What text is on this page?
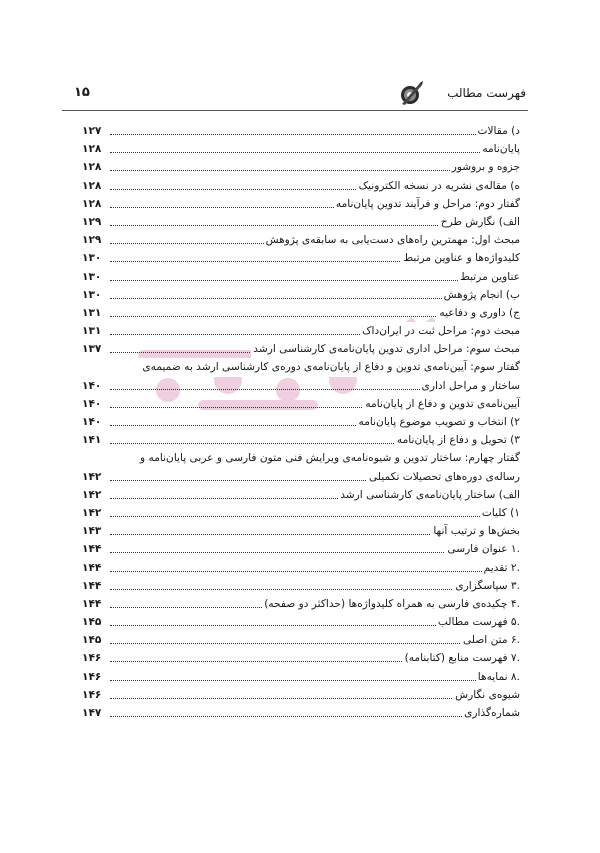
فهرست مطالب
۱۵
۱۲۷	د) مقالات
۱۲۸	پایان‌نامه
۱۲۸	جزوه و بروشور
۱۲۸	ه) مقاله‌ی نشریه در نسخه الکترونیک
۱۲۸	گفتار دوم: مراحل و فرآیند تدوین پایان‌نامه
۱۲۹	الف) نگارش طرح
۱۲۹	مبحث اول: مهمترین راه‌های دست‌یابی به سابقه‌ی پژوهش
۱۳۰	کلیدواژه‌ها و عناوین مرتبط
۱۳۰	عناوین مرتبط
۱۳۰	ب) انجام پژوهش
۱۳۱	ج) داوری و دفاعیه
۱۳۱	مبحث دوم: مراحل ثبت در ایران‌داک
۱۳۷	مبحث سوم: مراحل اداری تدوین پایان‌نامه‌ی کارشناسی ارشد
گفتار سوم: آیین‌نامه‌ی تدوین و دفاع از پایان‌نامه‌ی دوره‌ی کارشناسی ارشد به ضمیمه‌ی
۱۴۰	ساختار و مراحل اداری
۱۴۰	آیین‌نامه‌ی تدوین و دفاع از پایان‌نامه
۱۴۰	۲) انتخاب و تصویب موضوع پایان‌نامه
۱۴۱	۳) تحویل و دفاع از پایان‌نامه
گفتار چهارم: ساختار تدوین و شیوه‌نامه‌ی ویرایش فنی متون فارسی و عربی پایان‌نامه و
۱۴۲	رساله‌ی دوره‌های تحصیلات تکمیلی
۱۴۲	الف) ساختار پایان‌نامه‌ی کارشناسی ارشد
۱۴۲	۱) کلیات
۱۴۳	بخش‌ها و ترتیب آنها
۱۴۴	.۱ عنوان فارسی
۱۴۴	.۲ تقدیم
۱۴۴	.۳ سپاسگزاری
۱۴۴	.۴ چکیده‌ی فارسی به همراه کلیدواژه‌ها (حداکثر دو صفحه)
۱۴۵	.۵ فهرست مطالب
۱۴۵	.۶ متن اصلی
۱۴۶	.۷ فهرست منابع (کتابنامه)
۱۴۶	.۸ نمایه‌ها
۱۴۶	شیوه‌ی نگارش
۱۴۷	شماره‌گذاری
